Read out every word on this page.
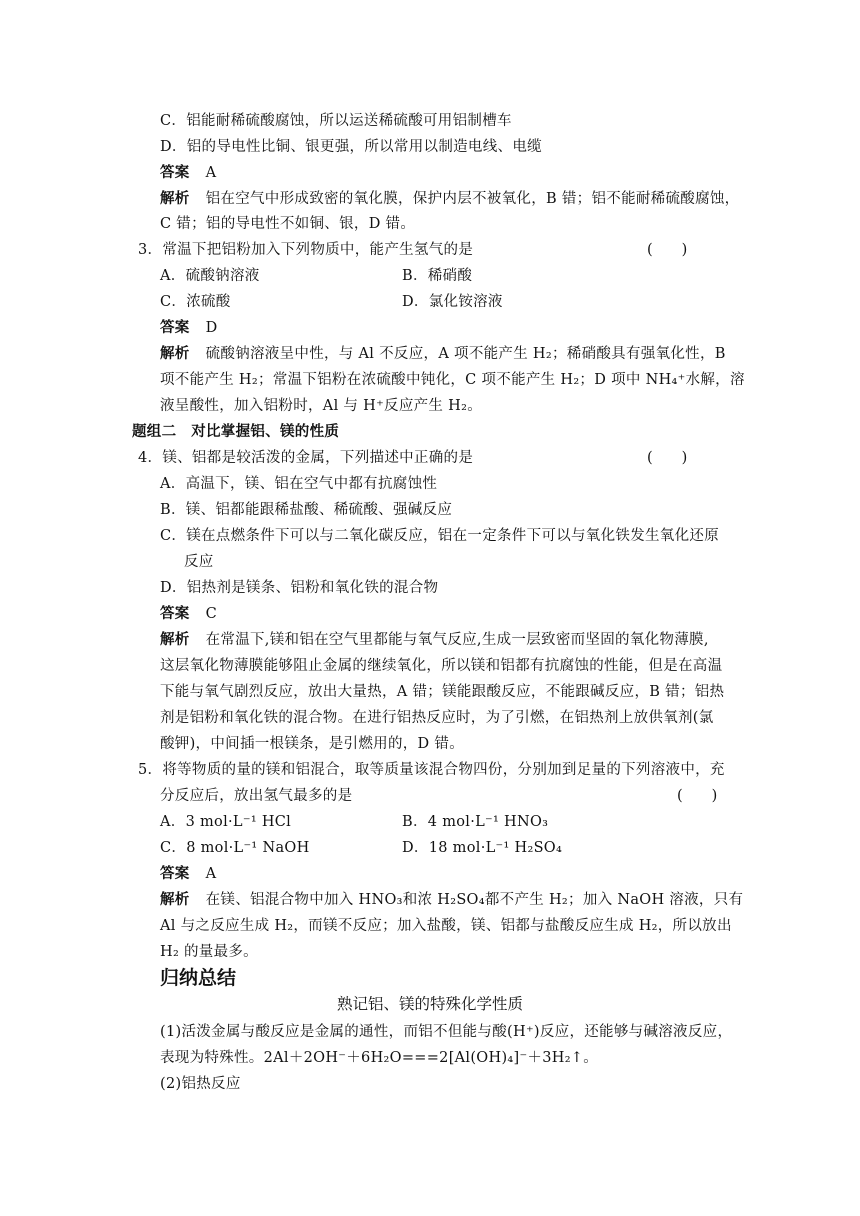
C．铝能耐稀硫酸腐蚀，所以运送稀硫酸可用铝制槽车
D．铝的导电性比铜、银更强，所以常用以制造电线、电缆
答案 A
解析 铝在空气中形成致密的氧化膜，保护内层不被氧化，B 错；铝不能耐稀硫酸腐蚀，
C 错；铝的导电性不如铜、银，D 错。
3．常温下把铝粉加入下列物质中，能产生氢气的是	(　　)
A．硫酸钠溶液	B．稀硝酸
C．浓硫酸	D．氯化铵溶液
答案 D
解析 硫酸钠溶液呈中性，与 Al 不反应，A 项不能产生 H₂；稀硝酸具有强氧化性，B
项不能产生 H₂；常温下铝粉在浓硫酸中钝化，C 项不能产生 H₂；D 项中 NH₄⁺水解，溶
液呈酸性，加入铝粉时，Al 与 H⁺反应产生 H₂。
题组二　对比掌握铝、镁的性质
4．镁、铝都是较活泼的金属，下列描述中正确的是	(　　)
A．高温下，镁、铝在空气中都有抗腐蚀性
B．镁、铝都能跟稀盐酸、稀硫酸、强碱反应
C．镁在点燃条件下可以与二氧化碳反应，铝在一定条件下可以与氧化铁发生氧化还原
反应
D．铝热剂是镁条、铝粉和氧化铁的混合物
答案 C
解析 在常温下,镁和铝在空气里都能与氧气反应,生成一层致密而坚固的氧化物薄膜,
这层氧化物薄膜能够阻止金属的继续氧化，所以镁和铝都有抗腐蚀的性能，但是在高温
下能与氧气剧烈反应，放出大量热，A 错；镁能跟酸反应，不能跟碱反应，B 错；铝热
剂是铝粉和氧化铁的混合物。在进行铝热反应时，为了引燃，在铝热剂上放供氧剂(氯
酸钾)，中间插一根镁条，是引燃用的，D 错。
5．将等物质的量的镁和铝混合，取等质量该混合物四份，分别加到足量的下列溶液中，充
分反应后，放出氢气最多的是	(　　)
A．3 mol·L⁻¹ HCl	B．4 mol·L⁻¹ HNO₃
C．8 mol·L⁻¹ NaOH	D．18 mol·L⁻¹ H₂SO₄
答案 A
解析 在镁、铝混合物中加入 HNO₃和浓 H₂SO₄都不产生 H₂；加入 NaOH 溶液，只有
Al 与之反应生成 H₂，而镁不反应；加入盐酸，镁、铝都与盐酸反应生成 H₂，所以放出
H₂ 的量最多。
归纳总结
熟记铝、镁的特殊化学性质
(1)活泼金属与酸反应是金属的通性，而铝不但能与酸(H⁺)反应，还能够与碱溶液反应，
表现为特殊性。2Al＋2OH⁻＋6H₂O===2[Al(OH)₄]⁻＋3H₂↑。
(2)铝热反应
